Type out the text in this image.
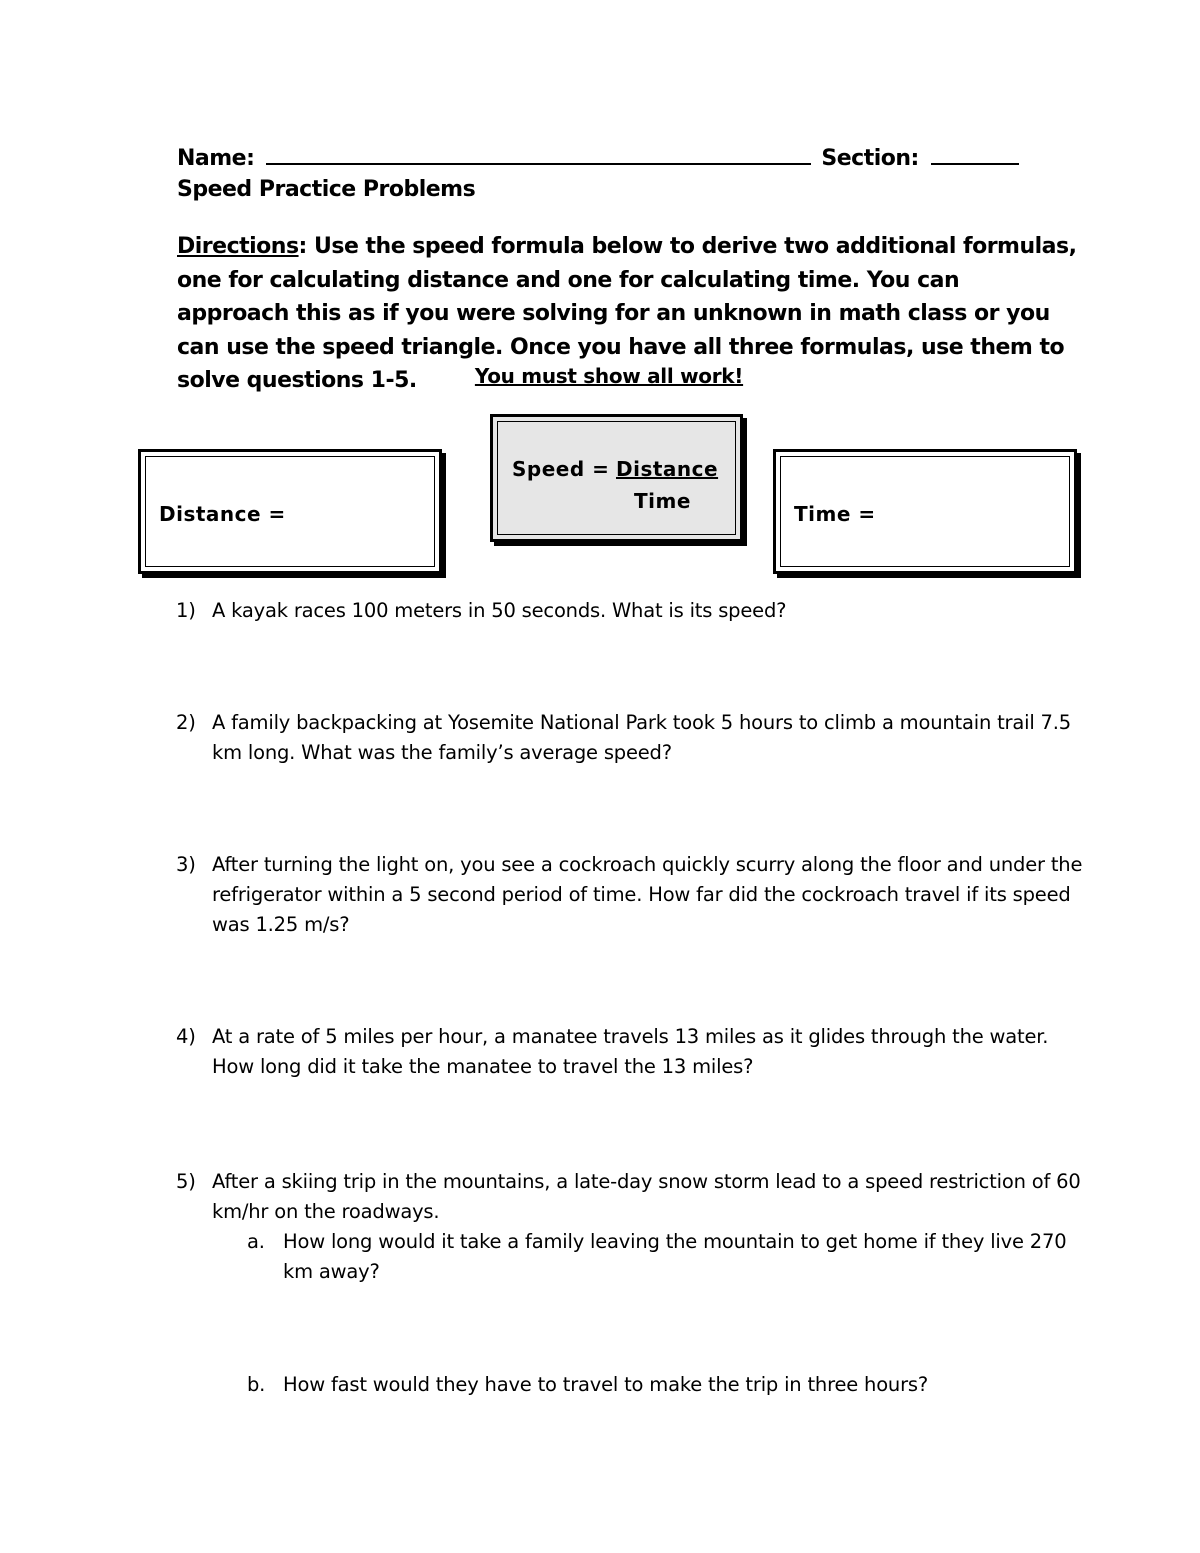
Name:	Section:
Speed Practice Problems
Directions: Use the speed formula below to derive two additional formulas, one for calculating distance and one for calculating time. You can approach this as if you were solving for an unknown in math class or you can use the speed triangle. Once you have all three formulas, use them to solve questions 1-5.	You must show all work!
Distance =
Speed = Distance
Time
Time =
1) A kayak races 100 meters in 50 seconds. What is its speed?
2) A family backpacking at Yosemite National Park took 5 hours to climb a mountain trail 7.5 km long. What was the family’s average speed?
3) After turning the light on, you see a cockroach quickly scurry along the floor and under the refrigerator within a 5 second period of time. How far did the cockroach travel if its speed was 1.25 m/s?
4) At a rate of 5 miles per hour, a manatee travels 13 miles as it glides through the water. How long did it take the manatee to travel the 13 miles?
5) After a skiing trip in the mountains, a late-day snow storm lead to a speed restriction of 60 km/hr on the roadways.
a. How long would it take a family leaving the mountain to get home if they live 270 km away?
b. How fast would they have to travel to make the trip in three hours?
